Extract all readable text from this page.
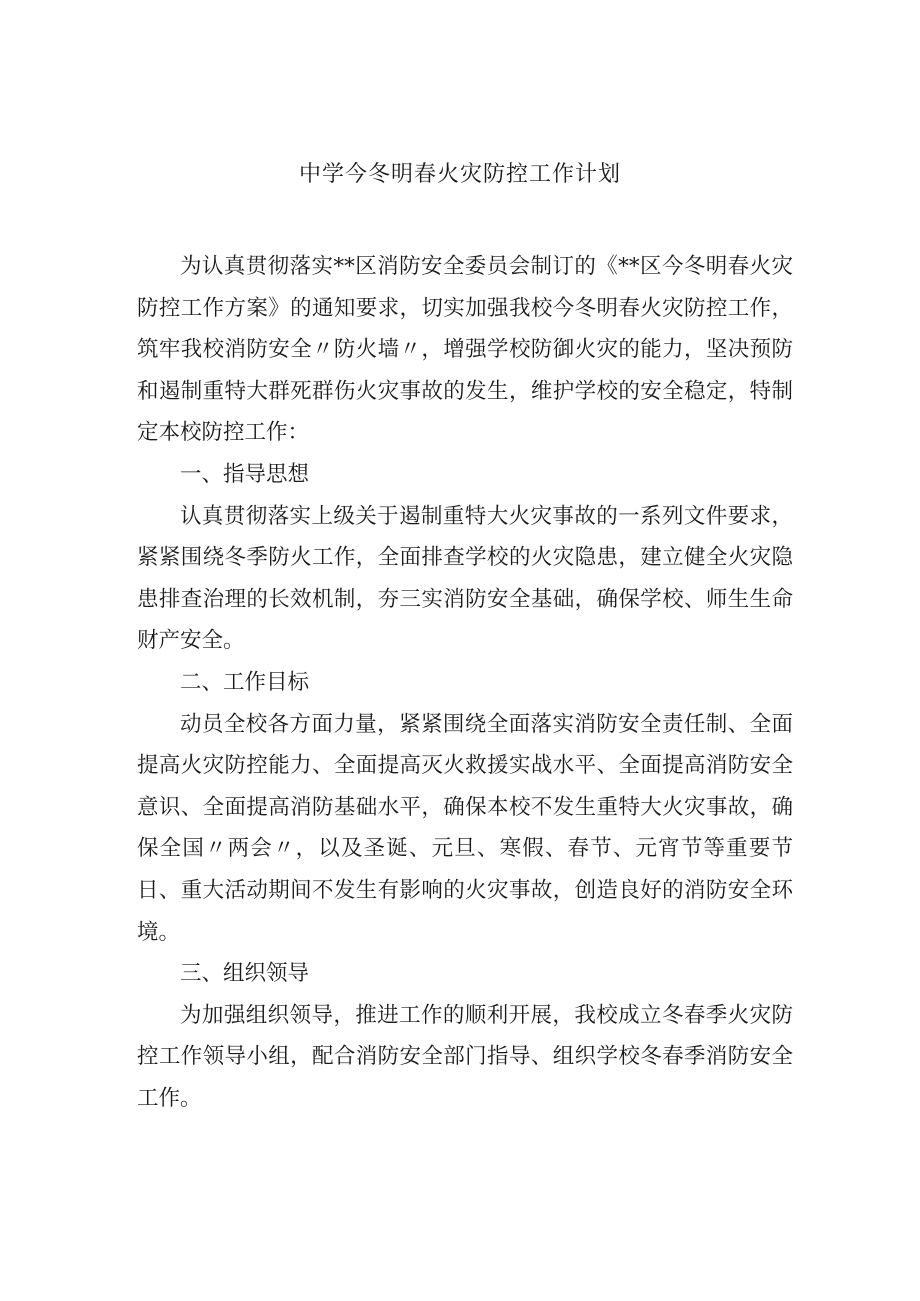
中学今冬明春火灾防控工作计划

为认真贯彻落实**区消防安全委员会制订的《**区今冬明春火灾防控工作方案》的通知要求，切实加强我校今冬明春火灾防控工作，筑牢我校消防安全〃防火墙〃，增强学校防御火灾的能力，坚决预防和遏制重特大群死群伤火灾事故的发生，维护学校的安全稳定，特制定本校防控工作：

一、指导思想

认真贯彻落实上级关于遏制重特大火灾事故的一系列文件要求，紧紧围绕冬季防火工作，全面排查学校的火灾隐患，建立健全火灾隐患排查治理的长效机制，夯三实消防安全基础，确保学校、师生生命财产安全。

二、工作目标

动员全校各方面力量，紧紧围绕全面落实消防安全责任制、全面提高火灾防控能力、全面提高灭火救援实战水平、全面提高消防安全意识、全面提高消防基础水平，确保本校不发生重特大火灾事故，确保全国〃两会〃，以及圣诞、元旦、寒假、春节、元宵节等重要节日、重大活动期间不发生有影响的火灾事故，创造良好的消防安全环境。

三、组织领导

为加强组织领导，推进工作的顺利开展，我校成立冬春季火灾防控工作领导小组，配合消防安全部门指导、组织学校冬春季消防安全工作。
